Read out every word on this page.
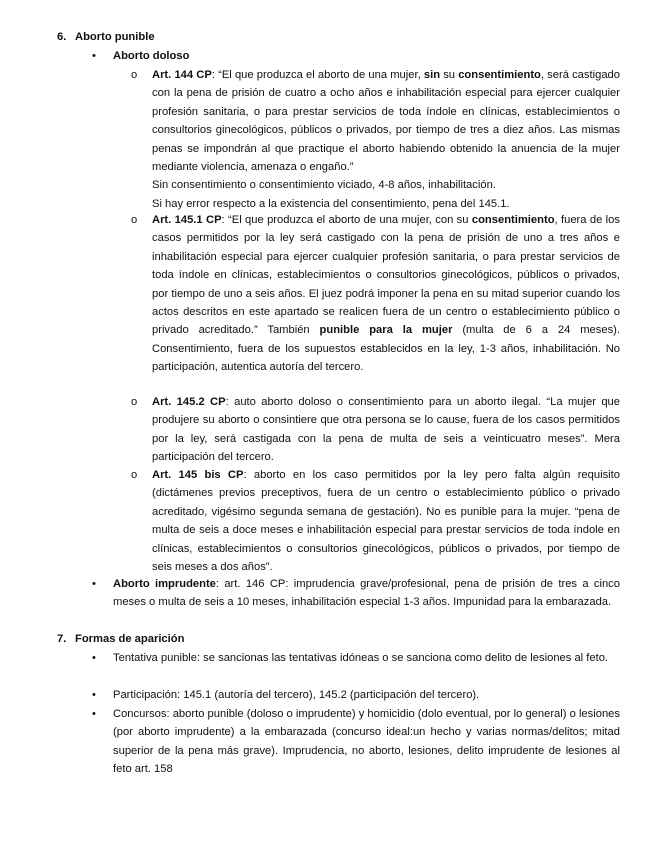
6. Aborto punible
•	Aborto doloso
o Art. 144 CP: “El que produzca el aborto de una mujer, sin su consentimiento, será castigado con la pena de prisión de cuatro a ocho años e inhabilitación especial para ejercer cualquier profesión sanitaria, o para prestar servicios de toda índole en clínicas, establecimientos o consultorios ginecológicos, públicos o privados, por tiempo de tres a diez años. Las mismas penas se impondrán al que practique el aborto habiendo obtenido la anuencia de la mujer mediante violencia, amenaza o engaño.”

Sin consentimiento o consentimiento viciado, 4-8 años, inhabilitación.

Si hay error respecto a la existencia del consentimiento, pena del 145.1.

o Art. 145.1 CP: “El que produzca el aborto de una mujer, con su consentimiento, fuera de los casos permitidos por la ley será castigado con la pena de prisión de uno a tres años e inhabilitación especial para ejercer cualquier profesión sanitaria, o para prestar servicios de toda índole en clínicas, establecimientos o consultorios ginecológicos, públicos o privados, por tiempo de uno a seis años. El juez podrá imponer la pena en su mitad superior cuando los actos descritos en este apartado se realicen fuera de un centro o establecimiento público o privado acreditado.” También punible para la mujer (multa de 6 a 24 meses). Consentimiento, fuera de los supuestos establecidos en la ley, 1-3 años, inhabilitación. No participación, autentica autoría del tercero.
o Art. 145.2 CP: auto aborto doloso o consentimiento para un aborto ilegal. “La mujer que produjere su aborto o consintiere que otra persona se lo cause, fuera de los casos permitidos por la ley, será castigada con la pena de multa de seis a veinticuatro meses”. Mera participación del tercero.
o Art. 145 bis CP: aborto en los caso permitidos por la ley pero falta algún requisito (dictámenes previos preceptivos, fuera de un centro o establecimiento público o privado acreditado, vigésimo segunda semana de gestación). No es punible para la mujer. “pena de multa de seis a doce meses e inhabilitación especial para prestar servicios de toda índole en clínicas, establecimientos o consultorios ginecológicos, públicos o privados, por tiempo de seis meses a dos años”.
•	Aborto imprudente: art. 146 CP: imprudencia grave/profesional, pena de prisión de tres a cinco meses o multa de seis a 10 meses, inhabilitación especial 1-3 años. Impunidad para la embarazada.
7. Formas de aparición
•	Tentativa punible: se sancionas las tentativas idóneas o se sanciona como delito de lesiones al feto.
•	Participación: 145.1 (autoría del tercero), 145.2 (participación del tercero).
•	Concursos: aborto punible (doloso o imprudente) y homicidio (dolo eventual, por lo general) o lesiones (por aborto imprudente) a la embarazada (concurso ideal:un hecho y varias normas/delitos; mitad superior de la pena más grave). Imprudencia, no aborto, lesiones, delito imprudente de lesiones al feto art. 158
